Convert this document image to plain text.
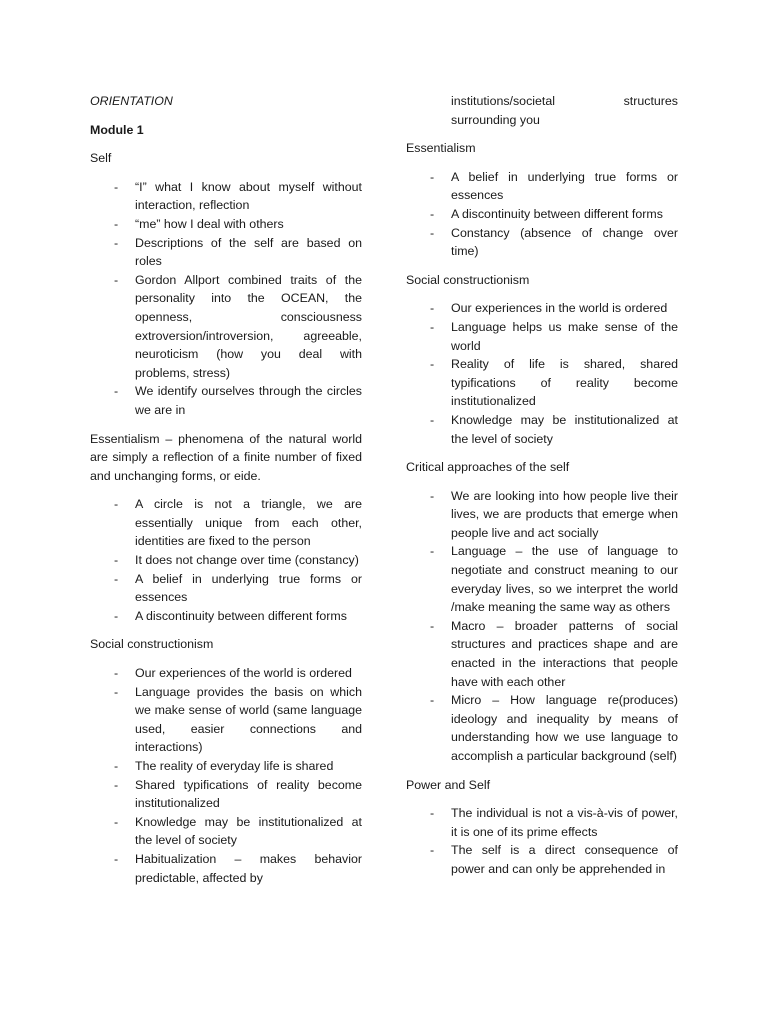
ORIENTATION

Module 1

Self

- “I” what I know about myself without interaction, reflection
- “me” how I deal with others
- Descriptions of the self are based on roles
- Gordon Allport combined traits of the personality into the OCEAN, the openness, consciousness extroversion/introversion, agreeable, neuroticism (how you deal with problems, stress)
- We identify ourselves through the circles we are in

Essentialism – phenomena of the natural world are simply a reflection of a finite number of fixed and unchanging forms, or eide.

- A circle is not a triangle, we are essentially unique from each other, identities are fixed to the person
- It does not change over time (constancy)
- A belief in underlying true forms or essences
- A discontinuity between different forms

Social constructionism

- Our experiences of the world is ordered
- Language provides the basis on which we make sense of world (same language used, easier connections and interactions)
- The reality of everyday life is shared
- Shared typifications of reality become institutionalized
- Knowledge may be institutionalized at the level of society
- Habitualization – makes behavior predictable, affected by

institutions/societal structures surrounding you

Essentialism

- A belief in underlying true forms or essences
- A discontinuity between different forms
- Constancy (absence of change over time)

Social constructionism

- Our experiences in the world is ordered
- Language helps us make sense of the world
- Reality of life is shared, shared typifications of reality become institutionalized
- Knowledge may be institutionalized at the level of society

Critical approaches of the self

- We are looking into how people live their lives, we are products that emerge when people live and act socially
- Language – the use of language to negotiate and construct meaning to our everyday lives, so we interpret the world /make meaning the same way as others
- Macro – broader patterns of social structures and practices shape and are enacted in the interactions that people have with each other
- Micro – How language re(produces) ideology and inequality by means of understanding how we use language to accomplish a particular background (self)

Power and Self

- The individual is not a vis-à-vis of power, it is one of its prime effects
- The self is a direct consequence of power and can only be apprehended in
